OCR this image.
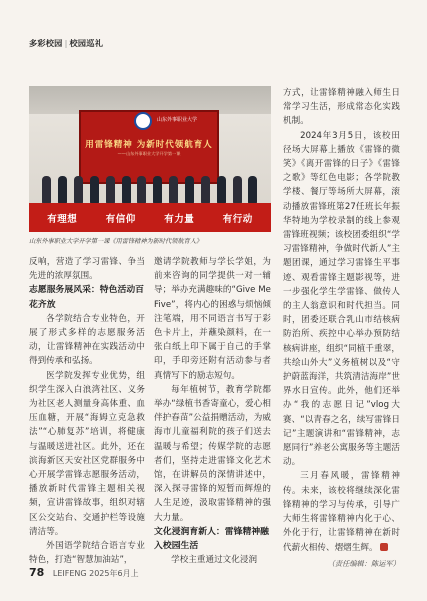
多彩校园 | 校园巡礼
山东外事职业大学
用雷锋精神 为新时代领航育人
——山东外事职业大学开学第一课
有理想	有信仰	有力量	有行动
山东外事职业大学开学第一课《用雷锋精神为新时代领航育人》

反响，营造了学习雷锋、争当先进的浓厚氛围。

志愿服务展风采：特色活动百花齐放

各学院结合专业特色，开展了形式多样的志愿服务活动，让雷锋精神在实践活动中得到传承和弘扬。

医学院发挥专业优势，组织学生深入白浪湾社区、义务为社区老人测量身高体重、血压血糖，开展“海姆立克急救法”“心肺复苏”培训，将健康与温暖送进社区。此外，还在滨海新区天安社区党群服务中心开展学雷锋志愿服务活动，播放新时代雷锋主题相关视频，宣讲雷锋故事，组织对辖区公交站台、交通护栏等设施清洁等。

外国语学院结合语言专业特色，打造“智慧加油站”，

邀请学院教师与学长学姐，为前来咨询的同学提供一对一辅导；举办充满趣味的“Give Me Five”，将内心的困惑与烦恼倾注笔端，用不同语言书写于彩色卡片上，并蘸染颜料，在一张白纸上印下属于自己的手掌印，手印旁还附有活动参与者真情写下的励志短句。

每年植树节，教育学院都举办“绿植书香寄童心，爱心相伴护春苗”公益捐赠活动，为威海市儿童福利院的孩子们送去温暖与希望；传媒学院的志愿者们，坚持走进雷锋文化艺术馆，在讲解员的深情讲述中，深入探寻雷锋的短暂而辉煌的人生足迹，汲取雷锋精神的强大力量。

文化浸润育新人：雷锋精神融入校园生活

学校主重通过文化浸润

方式，让雷锋精神融入师生日常学习生活，形成常态化实践机制。

2024年3月5日，该校田径场大屏幕上播放《雷锋的微笑》《离开雷锋的日子》《雷锋之歌》等红色电影；各学院教学楼、餐厅等场所大屏幕，滚动播放雷锋班第27任班长年振华特地为学校录制的线上参观雷锋班视频；该校团委组织“学习雷锋精神，争做时代新人”主题团课，通过学习雷锋生平事迹、观看雷锋主题影视等，进一步强化学生学雷锋、做传人的主人翁意识和时代担当。同时，团委还联合乳山市结核病防治所、疾控中心举办预防结核病讲座，组织“同植千重翠，共绘山外大”义务植树以及“守护蔚蓝海洋，共筑清洁海岸”世界水日宣传。此外，他们还举办“我的志愿日记”vlog大赛、“以青春之名，续写雷锋日记”主题演讲和“雷锋精神，志愿同行”养老公寓服务等主题活动。

三月春风暖，雷锋精神传。未来，该校将继续深化雷锋精神的学习与传承，引导广大师生将雷锋精神内化于心、外化于行，让雷锋精神在新时代薪火相传、熠熠生辉。

（责任编辑：陈运军）
78 LEIFENG 2025年6月上
